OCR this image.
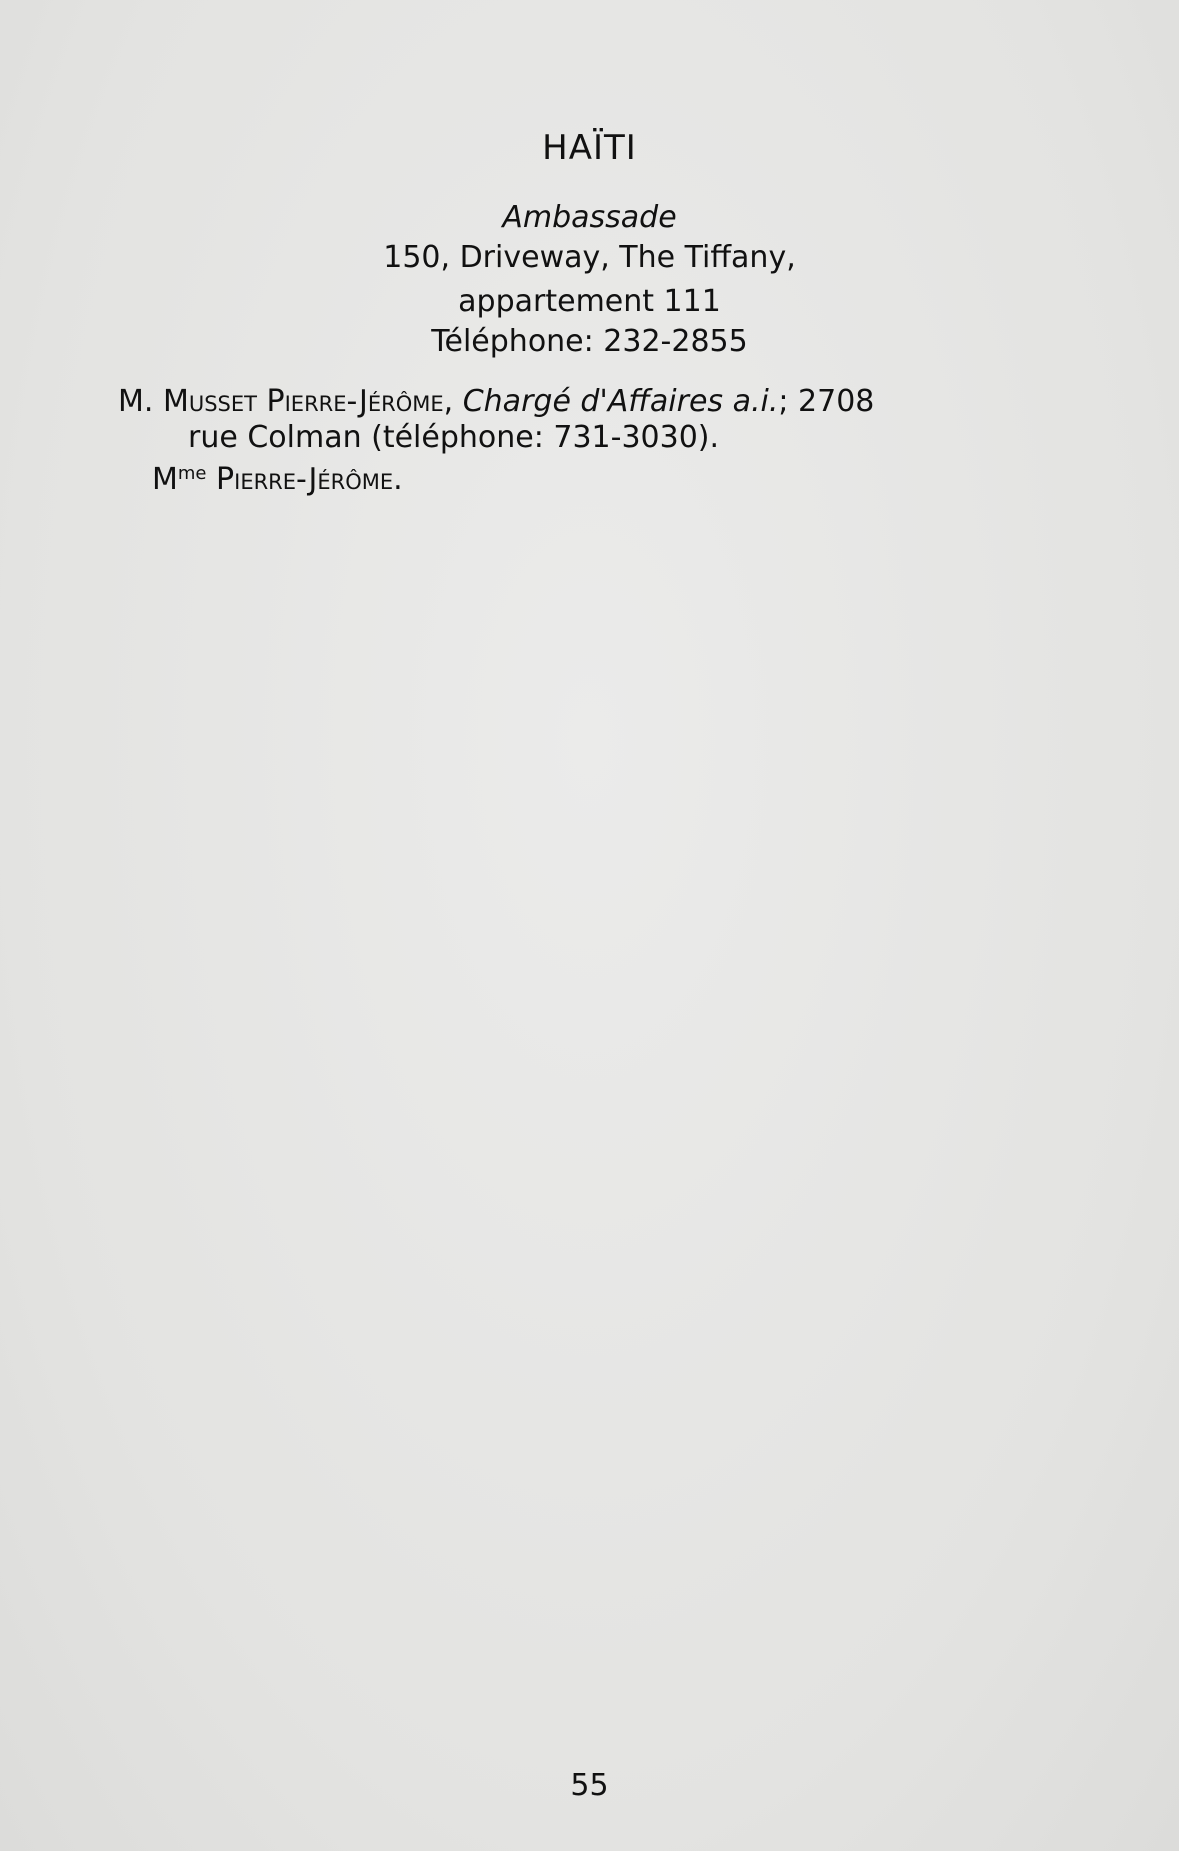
HAÏTI
Ambassade
150, Driveway, The Tiffany,
appartement 111
Téléphone: 232-2855
M. Musset Pierre-Jérôme, Chargé d'Affaires a.i.; 2708
rue Colman (téléphone: 731-3030).
$M^{me}$ Pierre-Jérôme.
55
